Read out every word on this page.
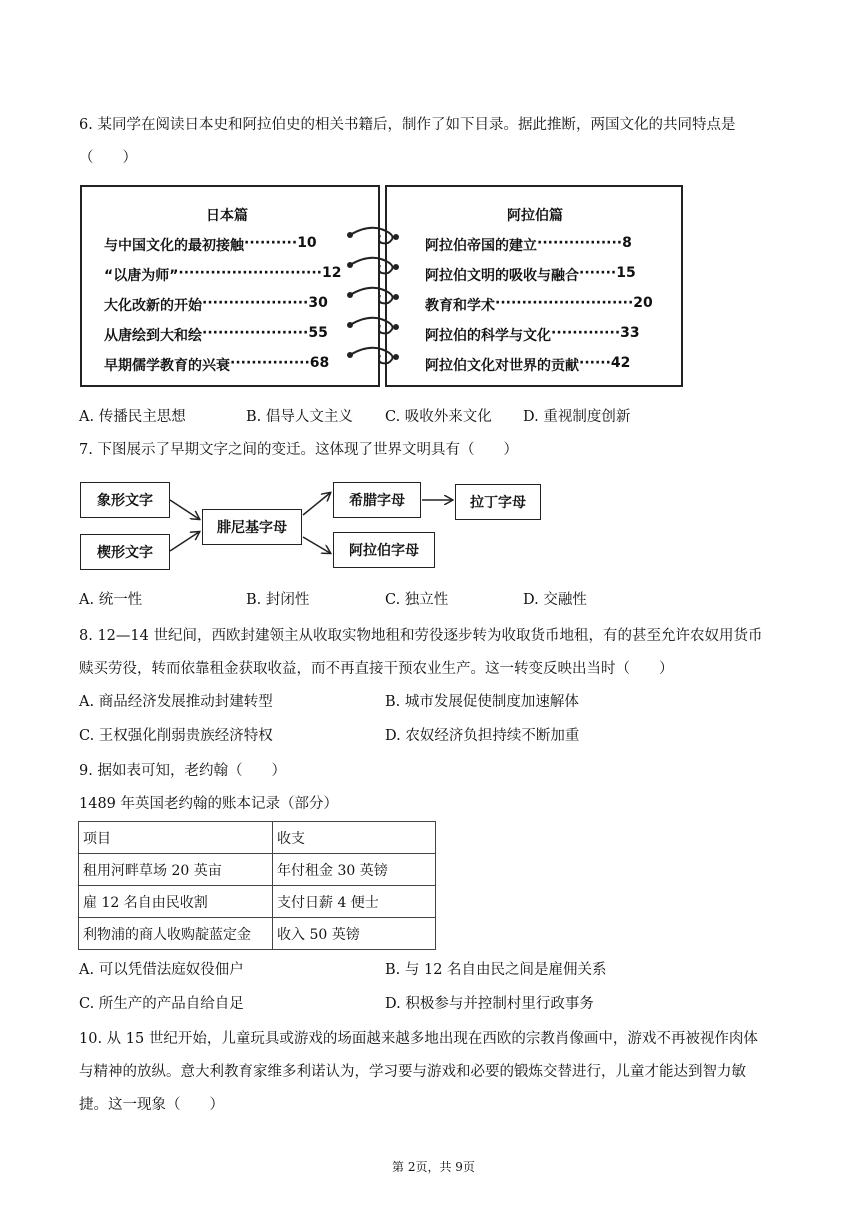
6. 某同学在阅读日本史和阿拉伯史的相关书籍后，制作了如下目录。据此推断，两国文化的共同特点是
（　　）
日本篇
与中国文化的最初接触 ·········· 10
“以唐为师” ··························· 12
大化改新的开始 ···················· 30
从唐绘到大和绘 ···················· 55
早期儒学教育的兴衰 ··············· 68
阿拉伯篇
阿拉伯帝国的建立 ················ 8
阿拉伯文明的吸收与融合 ······· 15
教育和学术 ·························· 20
阿拉伯的科学与文化 ············· 33
阿拉伯文化对世界的贡献 ······ 42
A. 传播民主思想	B. 倡导人文主义 C. 吸收外来文化 D. 重视制度创新
7. 下图展示了早期文字之间的变迁。这体现了世界文明具有（　　）
象形文字
楔形文字
腓尼基字母
希腊字母	拉丁字母
阿拉伯字母
A. 统一性	B. 封闭性	C. 独立性	D. 交融性
8. 12—14 世纪间，西欧封建领主从收取实物地租和劳役逐步转为收取货币地租，有的甚至允许农奴用货币
赎买劳役，转而依靠租金获取收益，而不再直接干预农业生产。这一转变反映出当时（　　）
A. 商品经济发展推动封建转型	B. 城市发展促使制度加速解体
C. 王权强化削弱贵族经济特权	D. 农奴经济负担持续不断加重
9. 据如表可知，老约翰（　　）
1489 年英国老约翰的账本记录（部分）
项目	收支
租用河畔草场 20 英亩	年付租金 30 英镑
雇 12 名自由民收割	支付日薪 4 便士
利物浦的商人收购靛蓝定金	收入 50 英镑
A. 可以凭借法庭奴役佃户	B. 与 12 名自由民之间是雇佣关系
C. 所生产的产品自给自足	D. 积极参与并控制村里行政事务
10. 从 15 世纪开始，儿童玩具或游戏的场面越来越多地出现在西欧的宗教肖像画中，游戏不再被视作肉体
与精神的放纵。意大利教育家维多利诺认为，学习要与游戏和必要的锻炼交替进行，儿童才能达到智力敏
捷。这一现象（　　）
第 2页，共 9页
